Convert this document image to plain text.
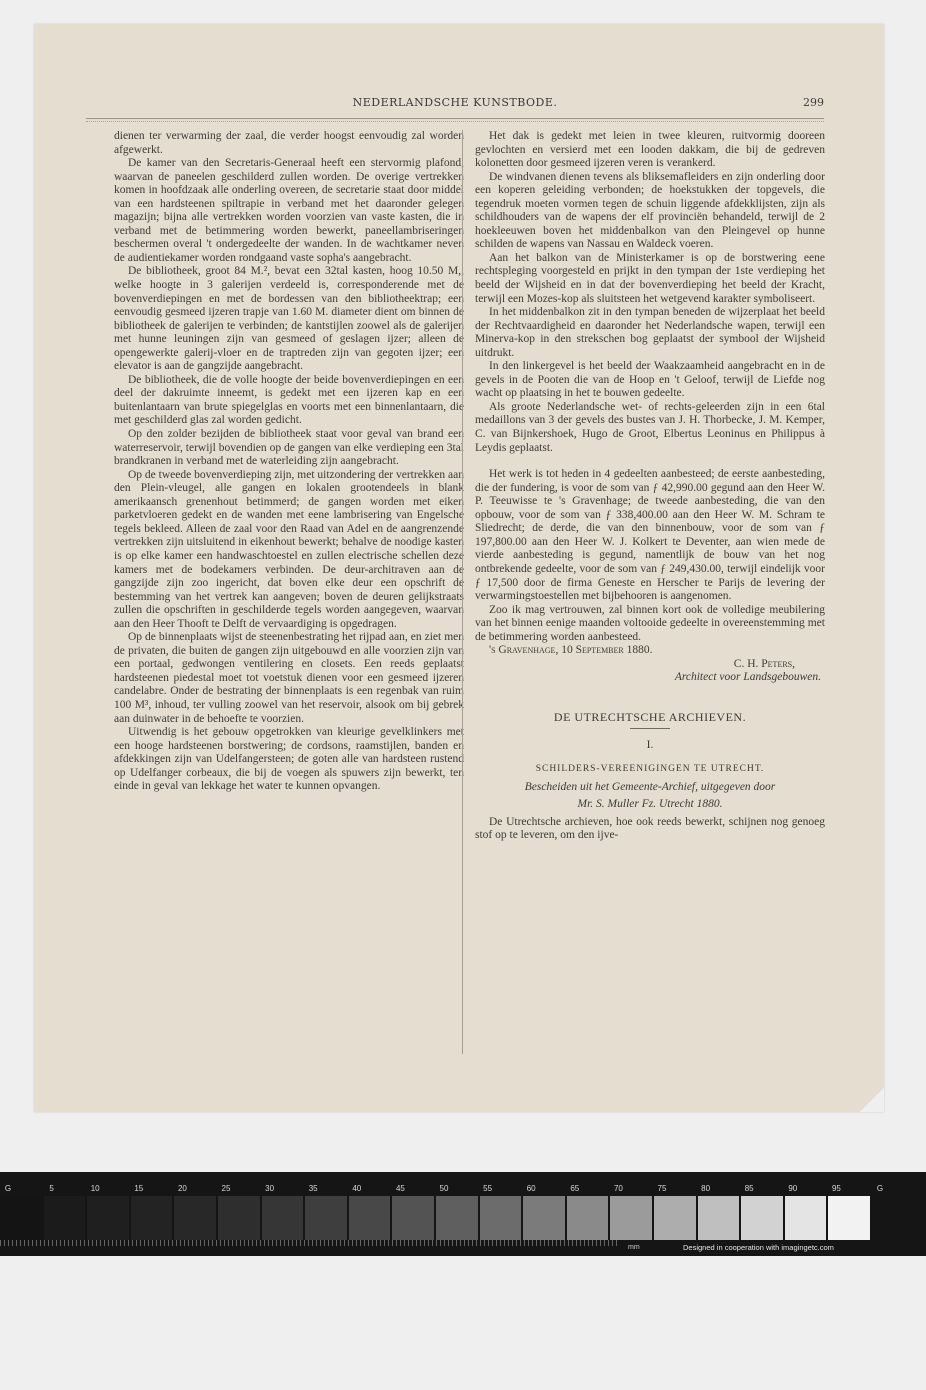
NEDERLANDSCHE KUNSTBODE.	299

dienen ter verwarming der zaal, die verder hoogst eenvoudig zal worden afgewerkt.

De kamer van den Secretaris-Generaal heeft een stervormig plafond, waarvan de paneelen geschilderd zullen worden. De overige vertrekken komen in hoofdzaak alle onderling overeen, de secretarie staat door middel van een hardsteenen spiltrapie in verband met het daaronder gelegen magazijn; bijna alle vertrekken worden voorzien van vaste kasten, die in verband met de betimmering worden bewerkt, paneellambriseringen beschermen overal 't ondergedeelte der wanden. In de wachtkamer neven de audientiekamer worden rondgaand vaste sopha's aangebracht.

De bibliotheek, groot 84 M.², bevat een 32tal kasten, hoog 10.50 M,, welke hoogte in 3 galerijen verdeeld is, corresponderende met de bovenverdiepingen en met de bordessen van den bibliotheektrap; een eenvoudig gesmeed ijzeren trapje van 1.60 M. diameter dient om binnen de bibliotheek de galerijen te verbinden; de kantstijlen zoowel als de galerijen met hunne leuningen zijn van gesmeed of geslagen ijzer; alleen de opengewerkte galerij-vloer en de traptreden zijn van gegoten ijzer; een elevator is aan de gangzijde aangebracht.

De bibliotheek, die de volle hoogte der beide bovenverdiepingen en een deel der dakruimte inneemt, is gedekt met een ijzeren kap en een buitenlantaarn van brute spiegelglas en voorts met een binnenlantaarn, die met geschilderd glas zal worden gedicht.

Op den zolder bezijden de bibliotheek staat voor geval van brand een waterreservoir, terwijl bovendien op de gangen van elke verdieping een 3tal brandkranen in verband met de waterleiding zijn aangebracht.

Op de tweede bovenverdieping zijn, met uitzondering der vertrekken aan den Plein-vleugel, alle gangen en lokalen grootendeels in blank amerikaansch grenenhout betimmerd; de gangen worden met eiken parketvloeren gedekt en de wanden met eene lambrisering van Engelsche tegels bekleed. Alleen de zaal voor den Raad van Adel en de aangrenzende vertrekken zijn uitsluitend in eikenhout bewerkt; behalve de noodige kasten is op elke kamer een handwaschtoestel en zullen electrische schellen deze kamers met de bodekamers verbinden. De deur-architraven aan de gangzijde zijn zoo ingericht, dat boven elke deur een opschrift de bestemming van het vertrek kan aangeven; boven de deuren gelijkstraats zullen die opschriften in geschilderde tegels worden aangegeven, waarvan aan den Heer Thooft te Delft de vervaardiging is opgedragen.

Op de binnenplaats wijst de steenenbestrating het rijpad aan, en ziet men de privaten, die buiten de gangen zijn uitgebouwd en alle voorzien zijn van een portaal, gedwongen ventilering en closets. Een reeds geplaatst hardsteenen piedestal moet tot voetstuk dienen voor een gesmeed ijzeren candelabre. Onder de bestrating der binnenplaats is een regenbak van ruim 100 M³, inhoud, ter vulling zoowel van het reservoir, alsook om bij gebrek aan duinwater in de behoefte te voorzien.

Uitwendig is het gebouw opgetrokken van kleurige gevelklinkers met een hooge hardsteenen borstwering; de cordsons, raamstijlen, banden en afdekkingen zijn van Udelfangersteen; de goten alle van hardsteen rustend op Udelfanger corbeaux, die bij de voegen als spuwers zijn bewerkt, ten einde in geval van lekkage het water te kunnen opvangen.

Het dak is gedekt met leien in twee kleuren, ruitvormig dooreen gevlochten en versierd met een looden dakkam, die bij de gedreven kolonetten door gesmeed ijzeren veren is verankerd.

De windvanen dienen tevens als bliksemafleiders en zijn onderling door een koperen geleiding verbonden; de hoekstukken der topgevels, die tegendruk moeten vormen tegen de schuin liggende afdekklijsten, zijn als schildhouders van de wapens der elf provinciën behandeld, terwijl de 2 hoekleeuwen boven het middenbalkon van den Pleingevel op hunne schilden de wapens van Nassau en Waldeck voeren.

Aan het balkon van de Ministerkamer is op de borstwering eene rechtspleging voorgesteld en prijkt in den tympan der 1ste verdieping het beeld der Wijsheid en in dat der bovenverdieping het beeld der Kracht, terwijl een Mozes-kop als sluitsteen het wetgevend karakter symboliseert.

In het middenbalkon zit in den tympan beneden de wijzerplaat het beeld der Rechtvaardigheid en daaronder het Nederlandsche wapen, terwijl een Minerva-kop in den strekschen bog geplaatst der symbool der Wijsheid uitdrukt.

In den linkergevel is het beeld der Waakzaamheid aangebracht en in de gevels in de Pooten die van de Hoop en 't Geloof, terwijl de Liefde nog wacht op plaatsing in het te bouwen gedeelte.

Als groote Nederlandsche wet- of rechts-geleerden zijn in een 6tal medaillons van 3 der gevels des bustes van J. H. Thorbecke, J. M. Kemper, C. van Bijnkershoek, Hugo de Groot, Elbertus Leoninus en Philippus à Leydis geplaatst.

Het werk is tot heden in 4 gedeelten aanbesteed; de eerste aanbesteding, die der fundering, is voor de som van ƒ 42,990.00 gegund aan den Heer W. P. Teeuwisse te 's Gravenhage; de tweede aanbesteding, die van den opbouw, voor de som van ƒ 338,400.00 aan den Heer W. M. Schram te Sliedrecht; de derde, die van den binnenbouw, voor de som van ƒ 197,800.00 aan den Heer W. J. Kolkert te Deventer, aan wien mede de vierde aanbesteding is gegund, namentlijk de bouw van het nog ontbrekende gedeelte, voor de som van ƒ 249,430.00, terwijl eindelijk voor ƒ 17,500 door de firma Geneste en Herscher te Parijs de levering der verwarmingstoestellen met bijbehooren is aangenomen.

Zoo ik mag vertrouwen, zal binnen kort ook de volledige meubilering van het binnen eenige maanden voltooide gedeelte in overeenstemming met de betimmering worden aanbesteed.

's Gravenhage, 10 September 1880.

C. H. Peters,

Architect voor Landsgebouwen.

DE UTRECHTSCHE ARCHIEVEN.
I.
SCHILDERS-VEREENIGINGEN TE UTRECHT.
Bescheiden uit het Gemeente-Archief, uitgegeven door
Mr. S. Muller Fz. Utrecht 1880.

De Utrechtsche archieven, hoe ook reeds bewerkt, schijnen nog genoeg stof op te leveren, om den ijve-

G	5	10	15	20	25	30	35	40	45	50	55	60	65	70	75	80	85	90	95	G
mm	Designed in cooperation with imagingetc.com
